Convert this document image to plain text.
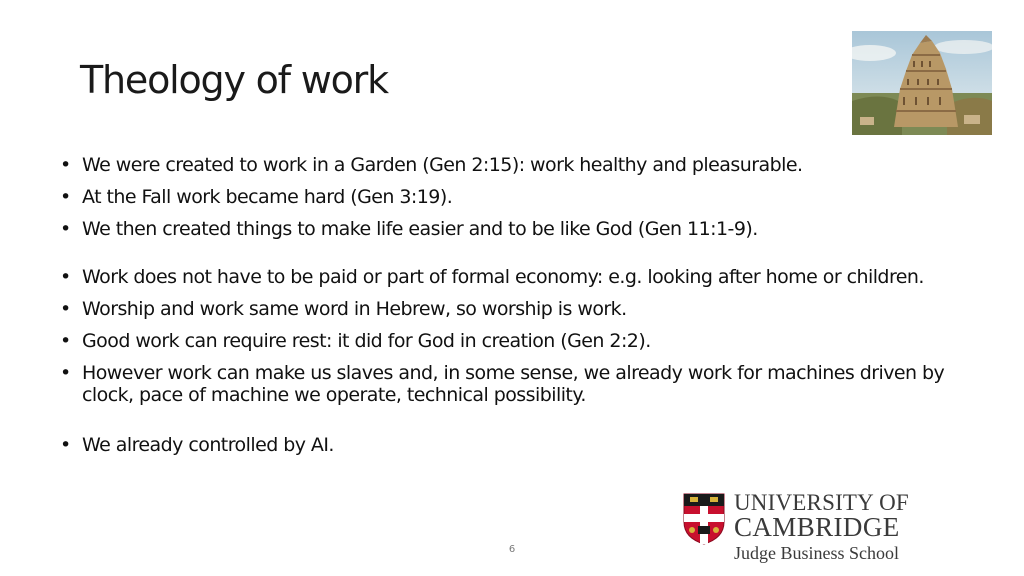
Theology of work
• We were created to work in a Garden (Gen 2:15): work healthy and pleasurable.
• At the Fall work became hard (Gen 3:19).
• We then created things to make life easier and to be like God (Gen 11:1-9).
• Work does not have to be paid or part of formal economy: e.g. looking after home or children.
• Worship and work same word in Hebrew, so worship is work.
• Good work can require rest: it did for God in creation (Gen 2:2).
• However work can make us slaves and, in some sense, we already work for machines driven by clock, pace of machine we operate, technical possibility.
• We already controlled by AI.
6
UNIVERSITY OF
CAMBRIDGE
Judge Business School
